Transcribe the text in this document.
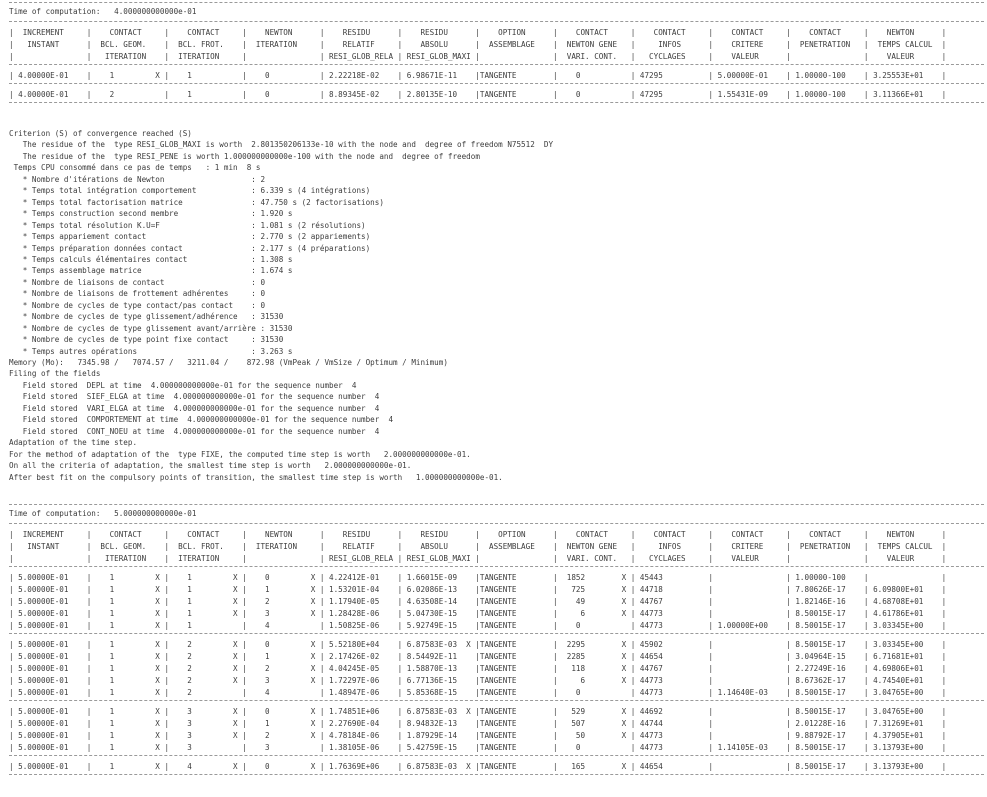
Time of computation: 4.000000000000e-01
|  INCREMENT     |    CONTACT     |    CONTACT     |    NEWTON      |    RESIDU      |    RESIDU      |    OPTION      |    CONTACT     |    CONTACT     |    CONTACT     |    CONTACT     |    NEWTON      |
|   INSTANT      |  BCL. GEOM.    |  BCL. FROT.    |  ITERATION     |    RELATIF     |    ABSOLU      |  ASSEMBLAGE    |  NEWTON GENE   |     INFOS      |    CRITERE     |  PENETRATION   |  TEMPS CALCUL  |
|                |   ITERATION    |  ITERATION     |                | RESI_GLOB_RELA | RESI_GLOB_MAXI |                |  VARI. CONT.   |   CYCLAGES     |    VALEUR      |                |    VALEUR      |
| 4.00000E-01    |    1         X |    1           |    0           | 2.22218E-02    | 6.98671E-11    |TANGENTE        |    0           | 47295          | 5.00000E-01    | 1.00000-100    | 3.25553E+01    |
| 4.00000E-01    |    2           |    1           |    0           | 8.89345E-02    | 2.80135E-10    |TANGENTE        |    0           | 47295          | 1.55431E-09    | 1.00000-100    | 3.11366E+01    |
Criterion (S) of convergence reached (S)
The residue of the  type RESI_GLOB_MAXI is worth  2.801350206133e-10 with the node and  degree of freedom N75512  DY
The residue of the  type RESI_PENE is worth 1.000000000000e-100 with the node and  degree of freedom
Temps CPU consommé dans ce pas de temps   : 1 min  8 s
* Nombre d'itérations de Newton                   : 2
* Temps total intégration comportement            : 6.339 s (4 intégrations)
* Temps total factorisation matrice               : 47.750 s (2 factorisations)
* Temps construction second membre                : 1.920 s
* Temps total résolution K.U=F                    : 1.081 s (2 résolutions)
* Temps appariement contact                       : 2.770 s (2 appariements)
* Temps préparation données contact               : 2.177 s (4 préparations)
* Temps calculs élémentaires contact              : 1.308 s
* Temps assemblage matrice                        : 1.674 s
* Nombre de liaisons de contact                   : 0
* Nombre de liaisons de frottement adhérentes     : 0
* Nombre de cycles de type contact/pas contact    : 0
* Nombre de cycles de type glissement/adhérence   : 31530
* Nombre de cycles de type glissement avant/arrière : 31530
* Nombre de cycles de type point fixe contact     : 31530
* Temps autres opérations                         : 3.263 s
Memory (Mo):   7345.98 /   7074.57 /   3211.04 /    872.98 (VmPeak / VmSize / Optimum / Minimum)
Filing of the fields
Field stored  DEPL at time  4.000000000000e-01 for the sequence number  4
Field stored  SIEF_ELGA at time  4.000000000000e-01 for the sequence number  4
Field stored  VARI_ELGA at time  4.000000000000e-01 for the sequence number  4
Field stored  COMPORTEMENT at time  4.000000000000e-01 for the sequence number  4
Field stored  CONT_NOEU at time  4.000000000000e-01 for the sequence number  4
Adaptation of the time step.
For the method of adaptation of the  type FIXE, the computed time step is worth   2.000000000000e-01.
On all the criteria of adaptation, the smallest time step is worth   2.000000000000e-01.
After best fit on the compulsory points of transition, the smallest time step is worth   1.000000000000e-01.
Time of computation: 5.000000000000e-01
|  INCREMENT     |    CONTACT     |    CONTACT     |    NEWTON      |    RESIDU      |    RESIDU      |    OPTION      |    CONTACT     |    CONTACT     |    CONTACT     |    CONTACT     |    NEWTON      |
|   INSTANT      |  BCL. GEOM.    |  BCL. FROT.    |  ITERATION     |    RELATIF     |    ABSOLU      |  ASSEMBLAGE    |  NEWTON GENE   |     INFOS      |    CRITERE     |  PENETRATION   |  TEMPS CALCUL  |
|                |   ITERATION    |  ITERATION     |                | RESI_GLOB_RELA | RESI_GLOB_MAXI |                |  VARI. CONT.   |   CYCLAGES     |    VALEUR      |                |    VALEUR      |
| 5.00000E-01    |    1         X |    1         X |    0         X | 4.22412E-01    | 1.66015E-09    |TANGENTE        |  1852        X | 45443          |                | 1.00000-100    |                |
| 5.00000E-01    |    1         X |    1         X |    1         X | 1.53201E-04    | 6.02086E-13    |TANGENTE        |   725        X | 44718          |                | 7.80626E-17    | 6.09800E+01    |
| 5.00000E-01    |    1         X |    1         X |    2         X | 1.17940E-05    | 4.63508E-14    |TANGENTE        |    49        X | 44767          |                | 1.82146E-16    | 4.68708E+01    |
| 5.00000E-01    |    1         X |    1         X |    3         X | 1.28428E-06    | 5.04730E-15    |TANGENTE        |     6        X | 44773          |                | 8.50015E-17    | 4.61786E+01    |
| 5.00000E-01    |    1         X |    1           |    4           | 1.50825E-06    | 5.92749E-15    |TANGENTE        |    0           | 44773          | 1.00000E+00    | 8.50015E-17    | 3.03345E+00    |
| 5.00000E-01    |    1         X |    2         X |    0         X | 5.52180E+04    | 6.87583E-03  X |TANGENTE        |  2295        X | 45902          |                | 8.50015E-17    | 3.03345E+00    |
| 5.00000E-01    |    1         X |    2         X |    1         X | 2.17426E-02    | 8.54492E-11    |TANGENTE        |  2285        X | 44654          |                | 3.04964E-15    | 6.71681E+01    |
| 5.00000E-01    |    1         X |    2         X |    2         X | 4.04245E-05    | 1.58870E-13    |TANGENTE        |   118        X | 44767          |                | 2.27249E-16    | 4.69806E+01    |
| 5.00000E-01    |    1         X |    2         X |    3         X | 1.72297E-06    | 6.77136E-15    |TANGENTE        |     6        X | 44773          |                | 8.67362E-17    | 4.74540E+01    |
| 5.00000E-01    |    1         X |    2           |    4           | 1.48947E-06    | 5.85368E-15    |TANGENTE        |    0           | 44773          | 1.14640E-03    | 8.50015E-17    | 3.04765E+00    |
| 5.00000E-01    |    1         X |    3         X |    0         X | 1.74851E+06    | 6.87583E-03  X |TANGENTE        |   529        X | 44692          |                | 8.50015E-17    | 3.04765E+00    |
| 5.00000E-01    |    1         X |    3         X |    1         X | 2.27690E-04    | 8.94832E-13    |TANGENTE        |   507        X | 44744          |                | 2.01228E-16    | 7.31269E+01    |
| 5.00000E-01    |    1         X |    3         X |    2         X | 4.78184E-06    | 1.87929E-14    |TANGENTE        |    50        X | 44773          |                | 9.88792E-17    | 4.37905E+01    |
| 5.00000E-01    |    1         X |    3           |    3           | 1.38105E-06    | 5.42759E-15    |TANGENTE        |    0           | 44773          | 1.14105E-03    | 8.50015E-17    | 3.13793E+00    |
| 5.00000E-01    |    1         X |    4         X |    0         X | 1.76369E+06    | 6.87583E-03  X |TANGENTE        |   165        X | 44654          |                | 8.50015E-17    | 3.13793E+00    |
